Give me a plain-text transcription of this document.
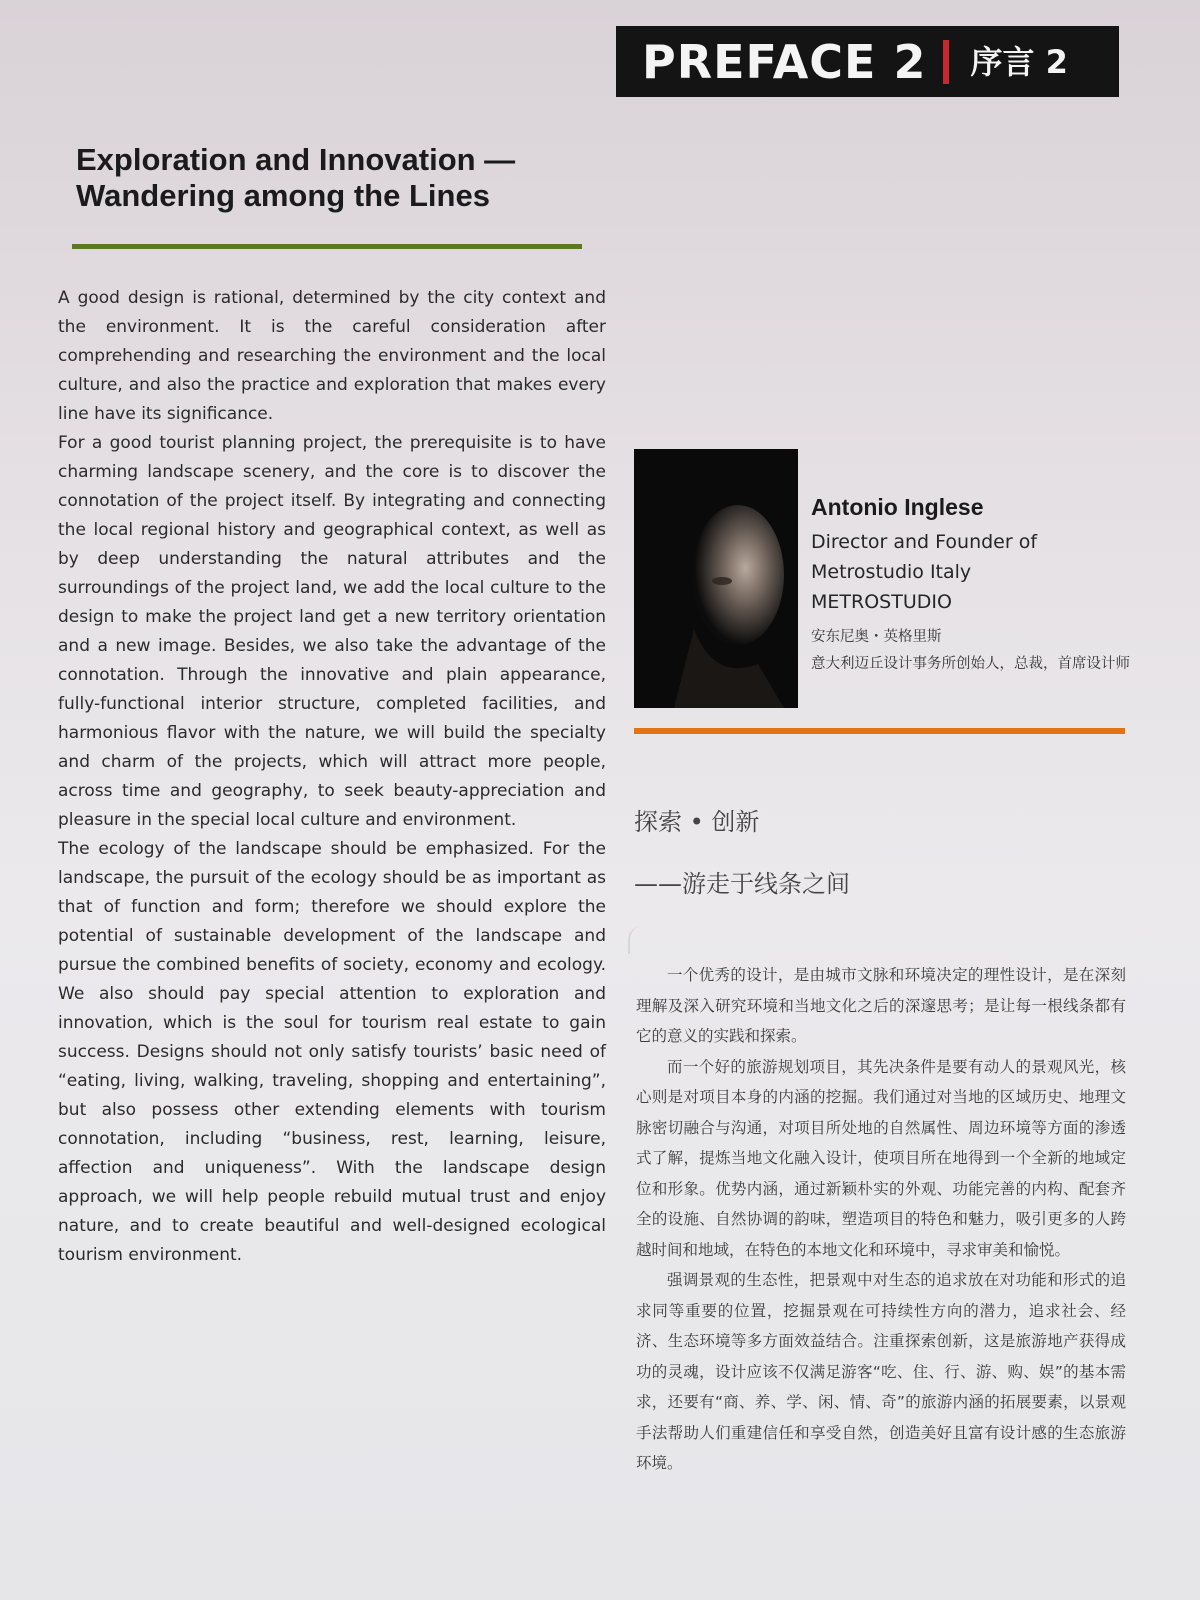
PREFACE 2 序言 2
Exploration and Innovation — Wandering among the Lines

A good design is rational, determined by the city context and the environment. It is the careful consideration after comprehending and researching the environment and the local culture, and also the practice and exploration that makes every line have its significance.

For a good tourist planning project, the prerequisite is to have charming landscape scenery, and the core is to discover the connotation of the project itself. By integrating and connecting the local regional history and geographical context, as well as by deep understanding the natural attributes and the surroundings of the project land, we add the local culture to the design to make the project land get a new territory orientation and a new image. Besides, we also take the advantage of the connotation. Through the innovative and plain appearance, fully-functional interior structure, completed facilities, and harmonious flavor with the nature, we will build the specialty and charm of the projects, which will attract more people, across time and geography, to seek beauty-appreciation and pleasure in the special local culture and environment.

The ecology of the landscape should be emphasized. For the landscape, the pursuit of the ecology should be as important as that of function and form; therefore we should explore the potential of sustainable development of the landscape and pursue the combined benefits of society, economy and ecology. We also should pay special attention to exploration and innovation, which is the soul for tourism real estate to gain success. Designs should not only satisfy tourists’ basic need of “eating, living, walking, traveling, shopping and entertaining”, but also possess other extending elements with tourism connotation, including “business, rest, learning, leisure, affection and uniqueness”. With the landscape design approach, we will help people rebuild mutual trust and enjoy nature, and to create beautiful and well-designed ecological tourism environment.

Antonio Inglese

Director and Founder of

Metrostudio Italy

METROSTUDIO

安东尼奥・英格里斯

意大利迈丘设计事务所创始人，总裁，首席设计师

探索 • 创新

——游走于线条之间

一个优秀的设计，是由城市文脉和环境决定的理性设计，是在深刻理解及深入研究环境和当地文化之后的深邃思考；是让每一根线条都有它的意义的实践和探索。

而一个好的旅游规划项目，其先决条件是要有动人的景观风光，核心则是对项目本身的内涵的挖掘。我们通过对当地的区域历史、地理文脉密切融合与沟通，对项目所处地的自然属性、周边环境等方面的渗透式了解，提炼当地文化融入设计，使项目所在地得到一个全新的地域定位和形象。优势内涵，通过新颖朴实的外观、功能完善的内构、配套齐全的设施、自然协调的韵味，塑造项目的特色和魅力，吸引更多的人跨越时间和地域，在特色的本地文化和环境中，寻求审美和愉悦。

强调景观的生态性，把景观中对生态的追求放在对功能和形式的追求同等重要的位置，挖掘景观在可持续性方向的潜力，追求社会、经济、生态环境等多方面效益结合。注重探索创新，这是旅游地产获得成功的灵魂，设计应该不仅满足游客“吃、住、行、游、购、娱”的基本需求，还要有“商、养、学、闲、情、奇”的旅游内涵的拓展要素，以景观手法帮助人们重建信任和享受自然，创造美好且富有设计感的生态旅游环境。
